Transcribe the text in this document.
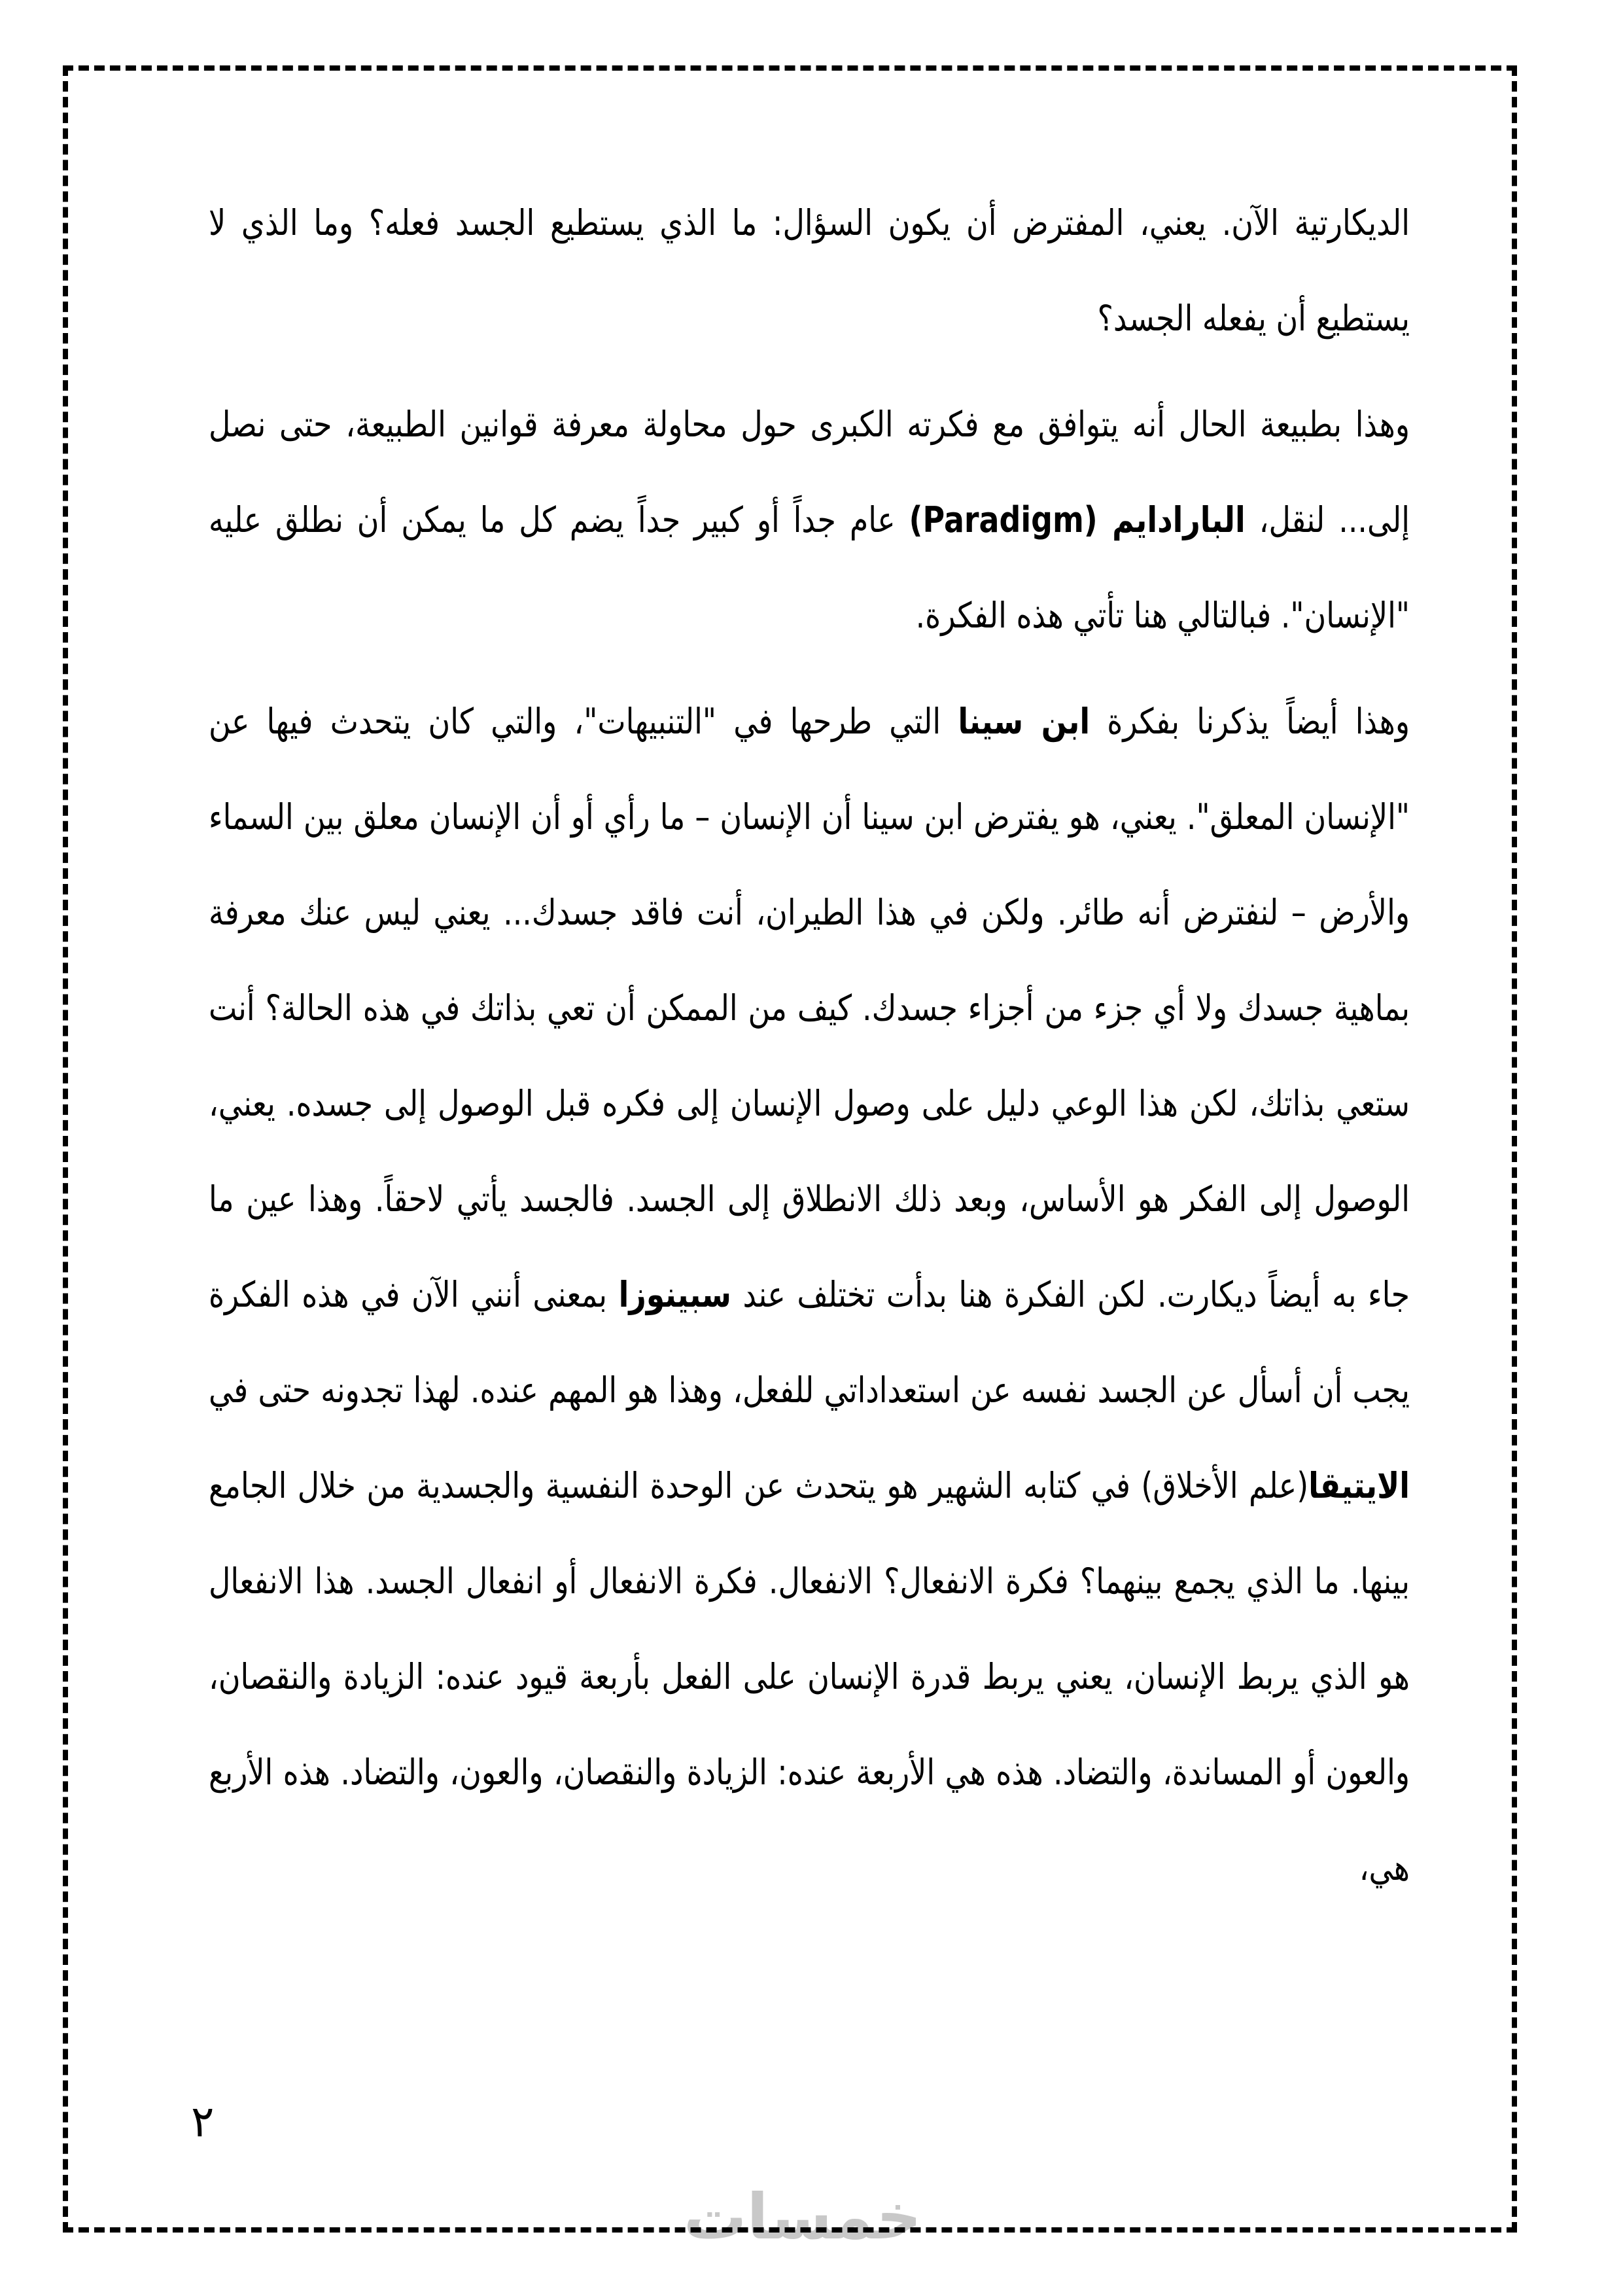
خمسات

الديكارتية الآن. يعني، المفترض أن يكون السؤال: ما الذي يستطيع الجسد فعله؟ وما الذي لا يستطيع أن يفعله الجسد؟

وهذا بطبيعة الحال أنه يتوافق مع فكرته الكبرى حول محاولة معرفة قوانين الطبيعة، حتى نصل إلى... لنقل، البارادايم (Paradigm) عام جداً أو كبير جداً يضم كل ما يمكن أن نطلق عليه "الإنسان". فبالتالي هنا تأتي هذه الفكرة.

وهذا أيضاً يذكرنا بفكرة ابن سينا التي طرحها في "التنبيهات"، والتي كان يتحدث فيها عن "الإنسان المعلق". يعني، هو يفترض ابن سينا أن الإنسان – ما رأي أو أن الإنسان معلق بين السماء والأرض – لنفترض أنه طائر. ولكن في هذا الطيران، أنت فاقد جسدك... يعني ليس عنك معرفة بماهية جسدك ولا أي جزء من أجزاء جسدك. كيف من الممكن أن تعي بذاتك في هذه الحالة؟ أنت ستعي بذاتك، لكن هذا الوعي دليل على وصول الإنسان إلى فكره قبل الوصول إلى جسده. يعني، الوصول إلى الفكر هو الأساس، وبعد ذلك الانطلاق إلى الجسد. فالجسد يأتي لاحقاً. وهذا عين ما جاء به أيضاً ديكارت. لكن الفكرة هنا بدأت تختلف عند سبينوزا بمعنى أنني الآن في هذه الفكرة يجب أن أسأل عن الجسد نفسه عن استعداداتي للفعل، وهذا هو المهم عنده. لهذا تجدونه حتى في الايتيقا(علم الأخلاق) في كتابه الشهير هو يتحدث عن الوحدة النفسية والجسدية من خلال الجامع بينها. ما الذي يجمع بينهما؟ فكرة الانفعال؟ الانفعال. فكرة الانفعال أو انفعال الجسد. هذا الانفعال هو الذي يربط الإنسان، يعني يربط قدرة الإنسان على الفعل بأربعة قيود عنده: الزيادة والنقصان، والعون أو المساندة، والتضاد. هذه هي الأربعة عنده: الزيادة والنقصان، والعون، والتضاد. هذه الأربع هي،

٢
